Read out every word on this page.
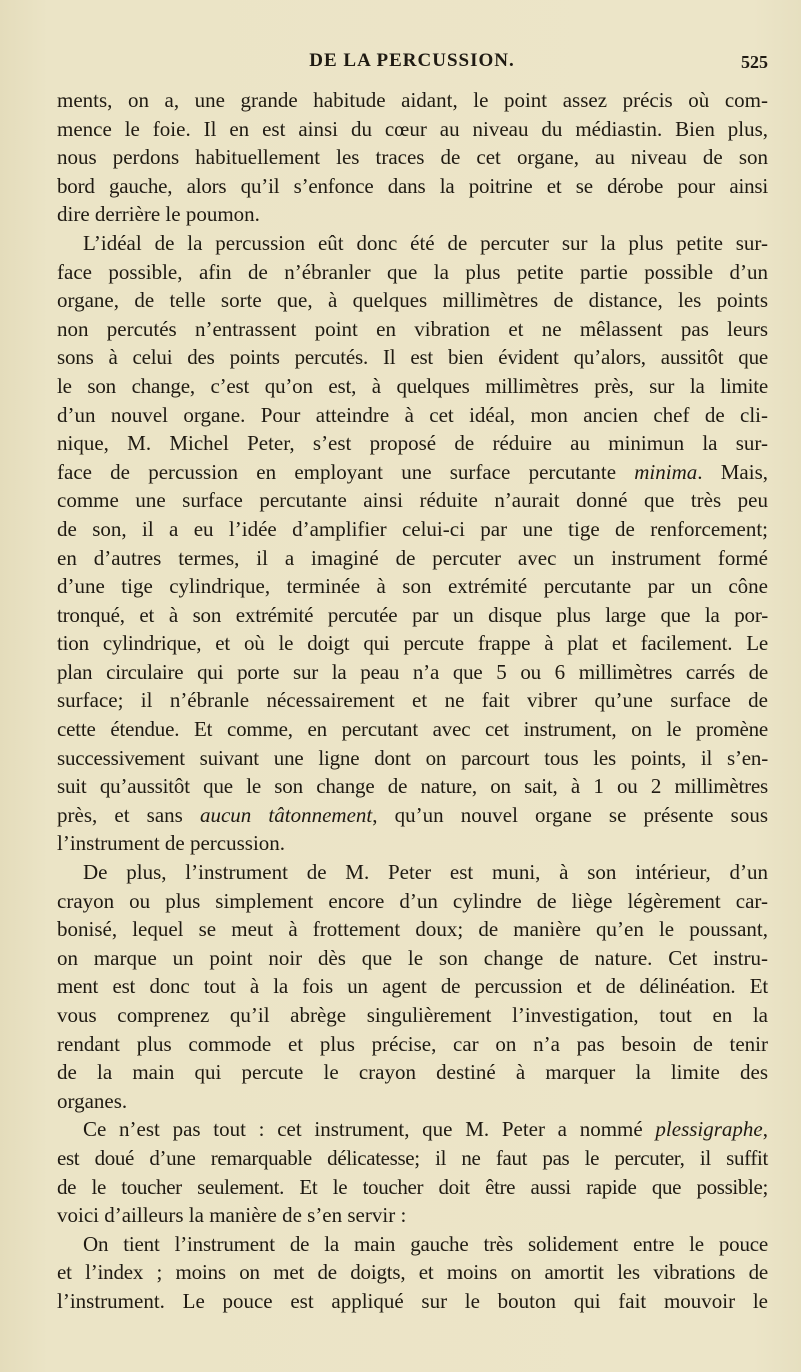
DE LA PERCUSSION.	525
ments, on a, une grande habitude aidant, le point assez précis où com-
mence le foie. Il en est ainsi du cœur au niveau du médiastin. Bien plus,
nous perdons habituellement les traces de cet organe, au niveau de son
bord gauche, alors qu’il s’enfonce dans la poitrine et se dérobe pour ainsi
dire derrière le poumon.
L’idéal de la percussion eût donc été de percuter sur la plus petite sur-
face possible, afin de n’ébranler que la plus petite partie possible d’un
organe, de telle sorte que, à quelques millimètres de distance, les points
non percutés n’entrassent point en vibration et ne mêlassent pas leurs
sons à celui des points percutés. Il est bien évident qu’alors, aussitôt que
le son change, c’est qu’on est, à quelques millimètres près, sur la limite
d’un nouvel organe. Pour atteindre à cet idéal, mon ancien chef de cli-
nique, M. Michel Peter, s’est proposé de réduire au minimun la sur-
face de percussion en employant une surface percutante minima. Mais,
comme une surface percutante ainsi réduite n’aurait donné que très peu
de son, il a eu l’idée d’amplifier celui-ci par une tige de renforcement;
en d’autres termes, il a imaginé de percuter avec un instrument formé
d’une tige cylindrique, terminée à son extrémité percutante par un cône
tronqué, et à son extrémité percutée par un disque plus large que la por-
tion cylindrique, et où le doigt qui percute frappe à plat et facilement. Le
plan circulaire qui porte sur la peau n’a que 5 ou 6 millimètres carrés de
surface; il n’ébranle nécessairement et ne fait vibrer qu’une surface de
cette étendue. Et comme, en percutant avec cet instrument, on le promène
successivement suivant une ligne dont on parcourt tous les points, il s’en-
suit qu’aussitôt que le son change de nature, on sait, à 1 ou 2 millimètres
près, et sans aucun tâtonnement, qu’un nouvel organe se présente sous
l’instrument de percussion.
De plus, l’instrument de M. Peter est muni, à son intérieur, d’un
crayon ou plus simplement encore d’un cylindre de liège légèrement car-
bonisé, lequel se meut à frottement doux; de manière qu’en le poussant,
on marque un point noir dès que le son change de nature. Cet instru-
ment est donc tout à la fois un agent de percussion et de délinéation. Et
vous comprenez qu’il abrège singulièrement l’investigation, tout en la
rendant plus commode et plus précise, car on n’a pas besoin de tenir
de la main qui percute le crayon destiné à marquer la limite des
organes.
Ce n’est pas tout : cet instrument, que M. Peter a nommé plessigraphe,
est doué d’une remarquable délicatesse; il ne faut pas le percuter, il suffit
de le toucher seulement. Et le toucher doit être aussi rapide que possible;
voici d’ailleurs la manière de s’en servir :
On tient l’instrument de la main gauche très solidement entre le pouce
et l’index ; moins on met de doigts, et moins on amortit les vibrations de
l’instrument. Le pouce est appliqué sur le bouton qui fait mouvoir le
